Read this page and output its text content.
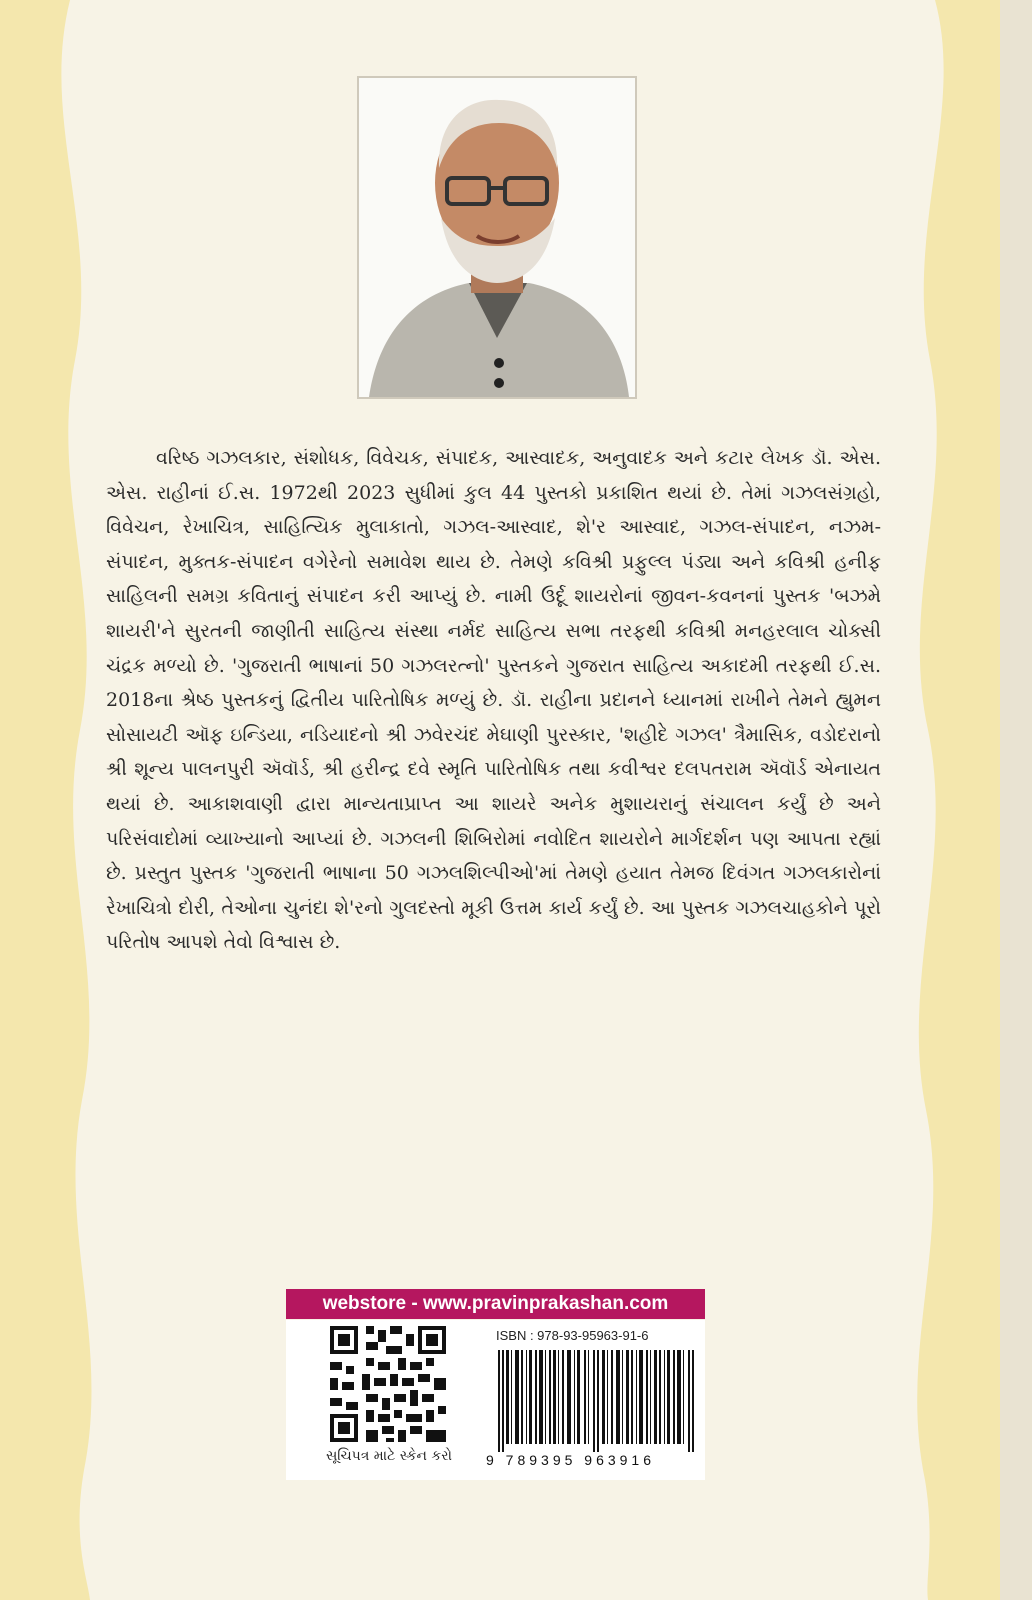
વરિષ્ઠ ગઝલકાર, સંશોધક, વિવેચક, સંપાદક, આસ્વાદક, અનુવાદક અને કટાર લેખક ડૉ. એસ. એસ. રાહીનાં ઈ.સ. 1972થી 2023 સુધીમાં કુલ 44 પુસ્તકો પ્રકાશિત થયાં છે. તેમાં ગઝલસંગ્રહો, વિવેચન, રેખાચિત્ર, સાહિત્યિક મુલાકાતો, ગઝલ-આસ્વાદ, શે'ર આસ્વાદ, ગઝલ-સંપાદન, નઝમ-સંપાદન, મુક્તક-સંપાદન વગેરેનો સમાવેશ થાય છે. તેમણે કવિશ્રી પ્રફુલ્લ પંડ્યા અને કવિશ્રી હનીફ સાહિલની સમગ્ર કવિતાનું સંપાદન કરી આપ્યું છે. નામી ઉર્દૂ શાયરોનાં જીવન-કવનનાં પુસ્તક 'બઝમે શાયરી'ને સુરતની જાણીતી સાહિત્ય સંસ્થા નર્મદ સાહિત્ય સભા તરફથી કવિશ્રી મનહરલાલ ચોક્સી ચંદ્રક મળ્યો છે. 'ગુજરાતી ભાષાનાં 50 ગઝલરત્નો' પુસ્તકને ગુજરાત સાહિત્ય અકાદમી તરફથી ઈ.સ. 2018ના શ્રેષ્ઠ પુસ્તકનું દ્વિતીય પારિતોષિક મળ્યું છે. ડૉ. રાહીના પ્રદાનને ધ્યાનમાં રાખીને તેમને હ્યુમન સોસાયટી ઑફ ઇન્ડિયા, નડિયાદનો શ્રી ઝવેરચંદ મેઘાણી પુરસ્કાર, 'શહીદે ગઝલ' ત્રૈમાસિક, વડોદરાનો શ્રી શૂન્ય પાલનપુરી ઍવૉર્ડ, શ્રી હરીન્દ્ર દવે સ્મૃતિ પારિતોષિક તથા કવીશ્વર દલપતરામ ઍવૉર્ડ એનાયત થયાં છે. આકાશવાણી દ્વારા માન્યતાપ્રાપ્ત આ શાયરે અનેક મુશાયરાનું સંચાલન કર્યું છે અને પરિસંવાદોમાં વ્યાખ્યાનો આપ્યાં છે. ગઝલની શિબિરોમાં નવોદિત શાયરોને માર્ગદર્શન પણ આપતા રહ્યાં છે. પ્રસ્તુત પુસ્તક 'ગુજરાતી ભાષાના 50 ગઝલશિલ્પીઓ'માં તેમણે હયાત તેમજ દિવંગત ગઝલકારોનાં રેખાચિત્રો દોરી, તેઓના ચુનંદા શે'રનો ગુલદસ્તો મૂકી ઉત્તમ કાર્ય કર્યું છે. આ પુસ્તક ગઝલચાહકોને પૂરો પરિતોષ આપશે તેવો વિશ્વાસ છે.

webstore - www.pravinprakashan.com
સૂચિપત્ર માટે સ્કેન કરો
ISBN : 978-93-95963-91-6
9 789395 963916
